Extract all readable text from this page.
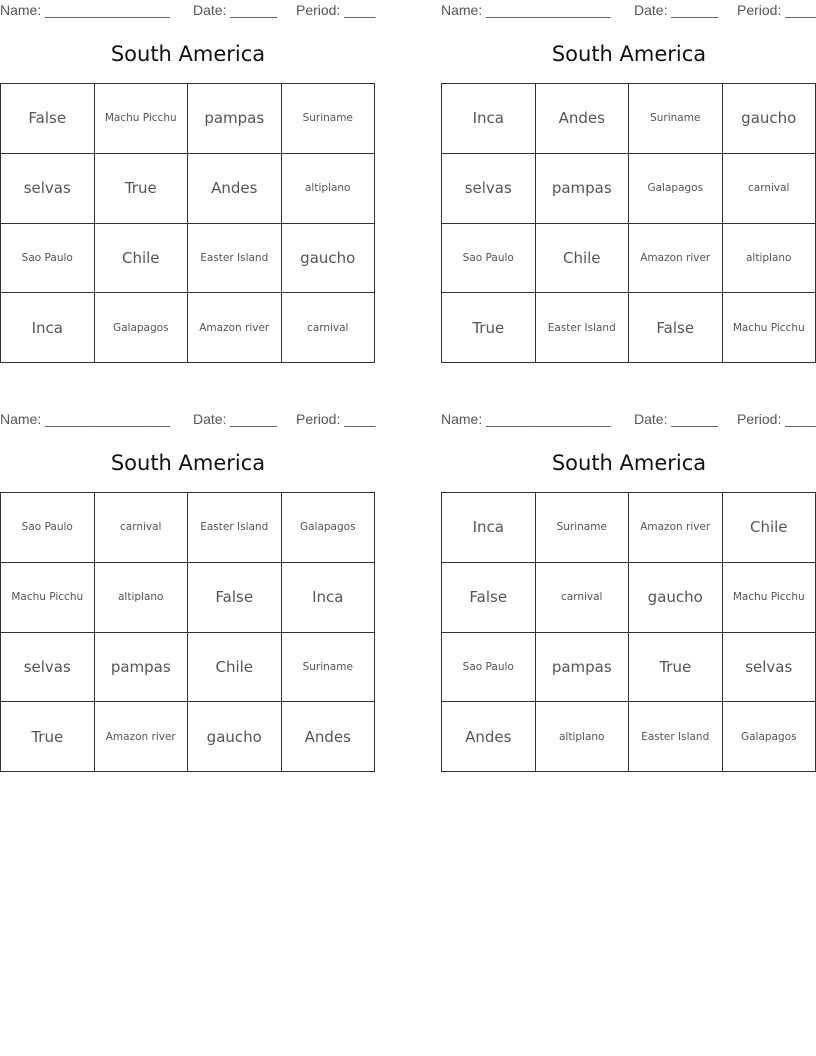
Name: ________________ Date: ______ Period: ____
South America
False	Machu Picchu	pampas	Suriname
selvas	True	Andes	altiplano
Sao Paulo	Chile	Easter Island	gaucho
Inca	Galapagos	Amazon river	carnival
Name: ________________ Date: ______ Period: ____
South America
Inca	Andes	Suriname	gaucho
selvas	pampas	Galapagos	carnival
Sao Paulo	Chile	Amazon river	altiplano
True	Easter Island	False	Machu Picchu
Name: ________________ Date: ______ Period: ____
South America
Sao Paulo	carnival	Easter Island	Galapagos
Machu Picchu	altiplano	False	Inca
selvas	pampas	Chile	Suriname
True	Amazon river	gaucho	Andes
Name: ________________ Date: ______ Period: ____
South America
Inca	Suriname	Amazon river	Chile
False	carnival	gaucho	Machu Picchu
Sao Paulo	pampas	True	selvas
Andes	altiplano	Easter Island	Galapagos
